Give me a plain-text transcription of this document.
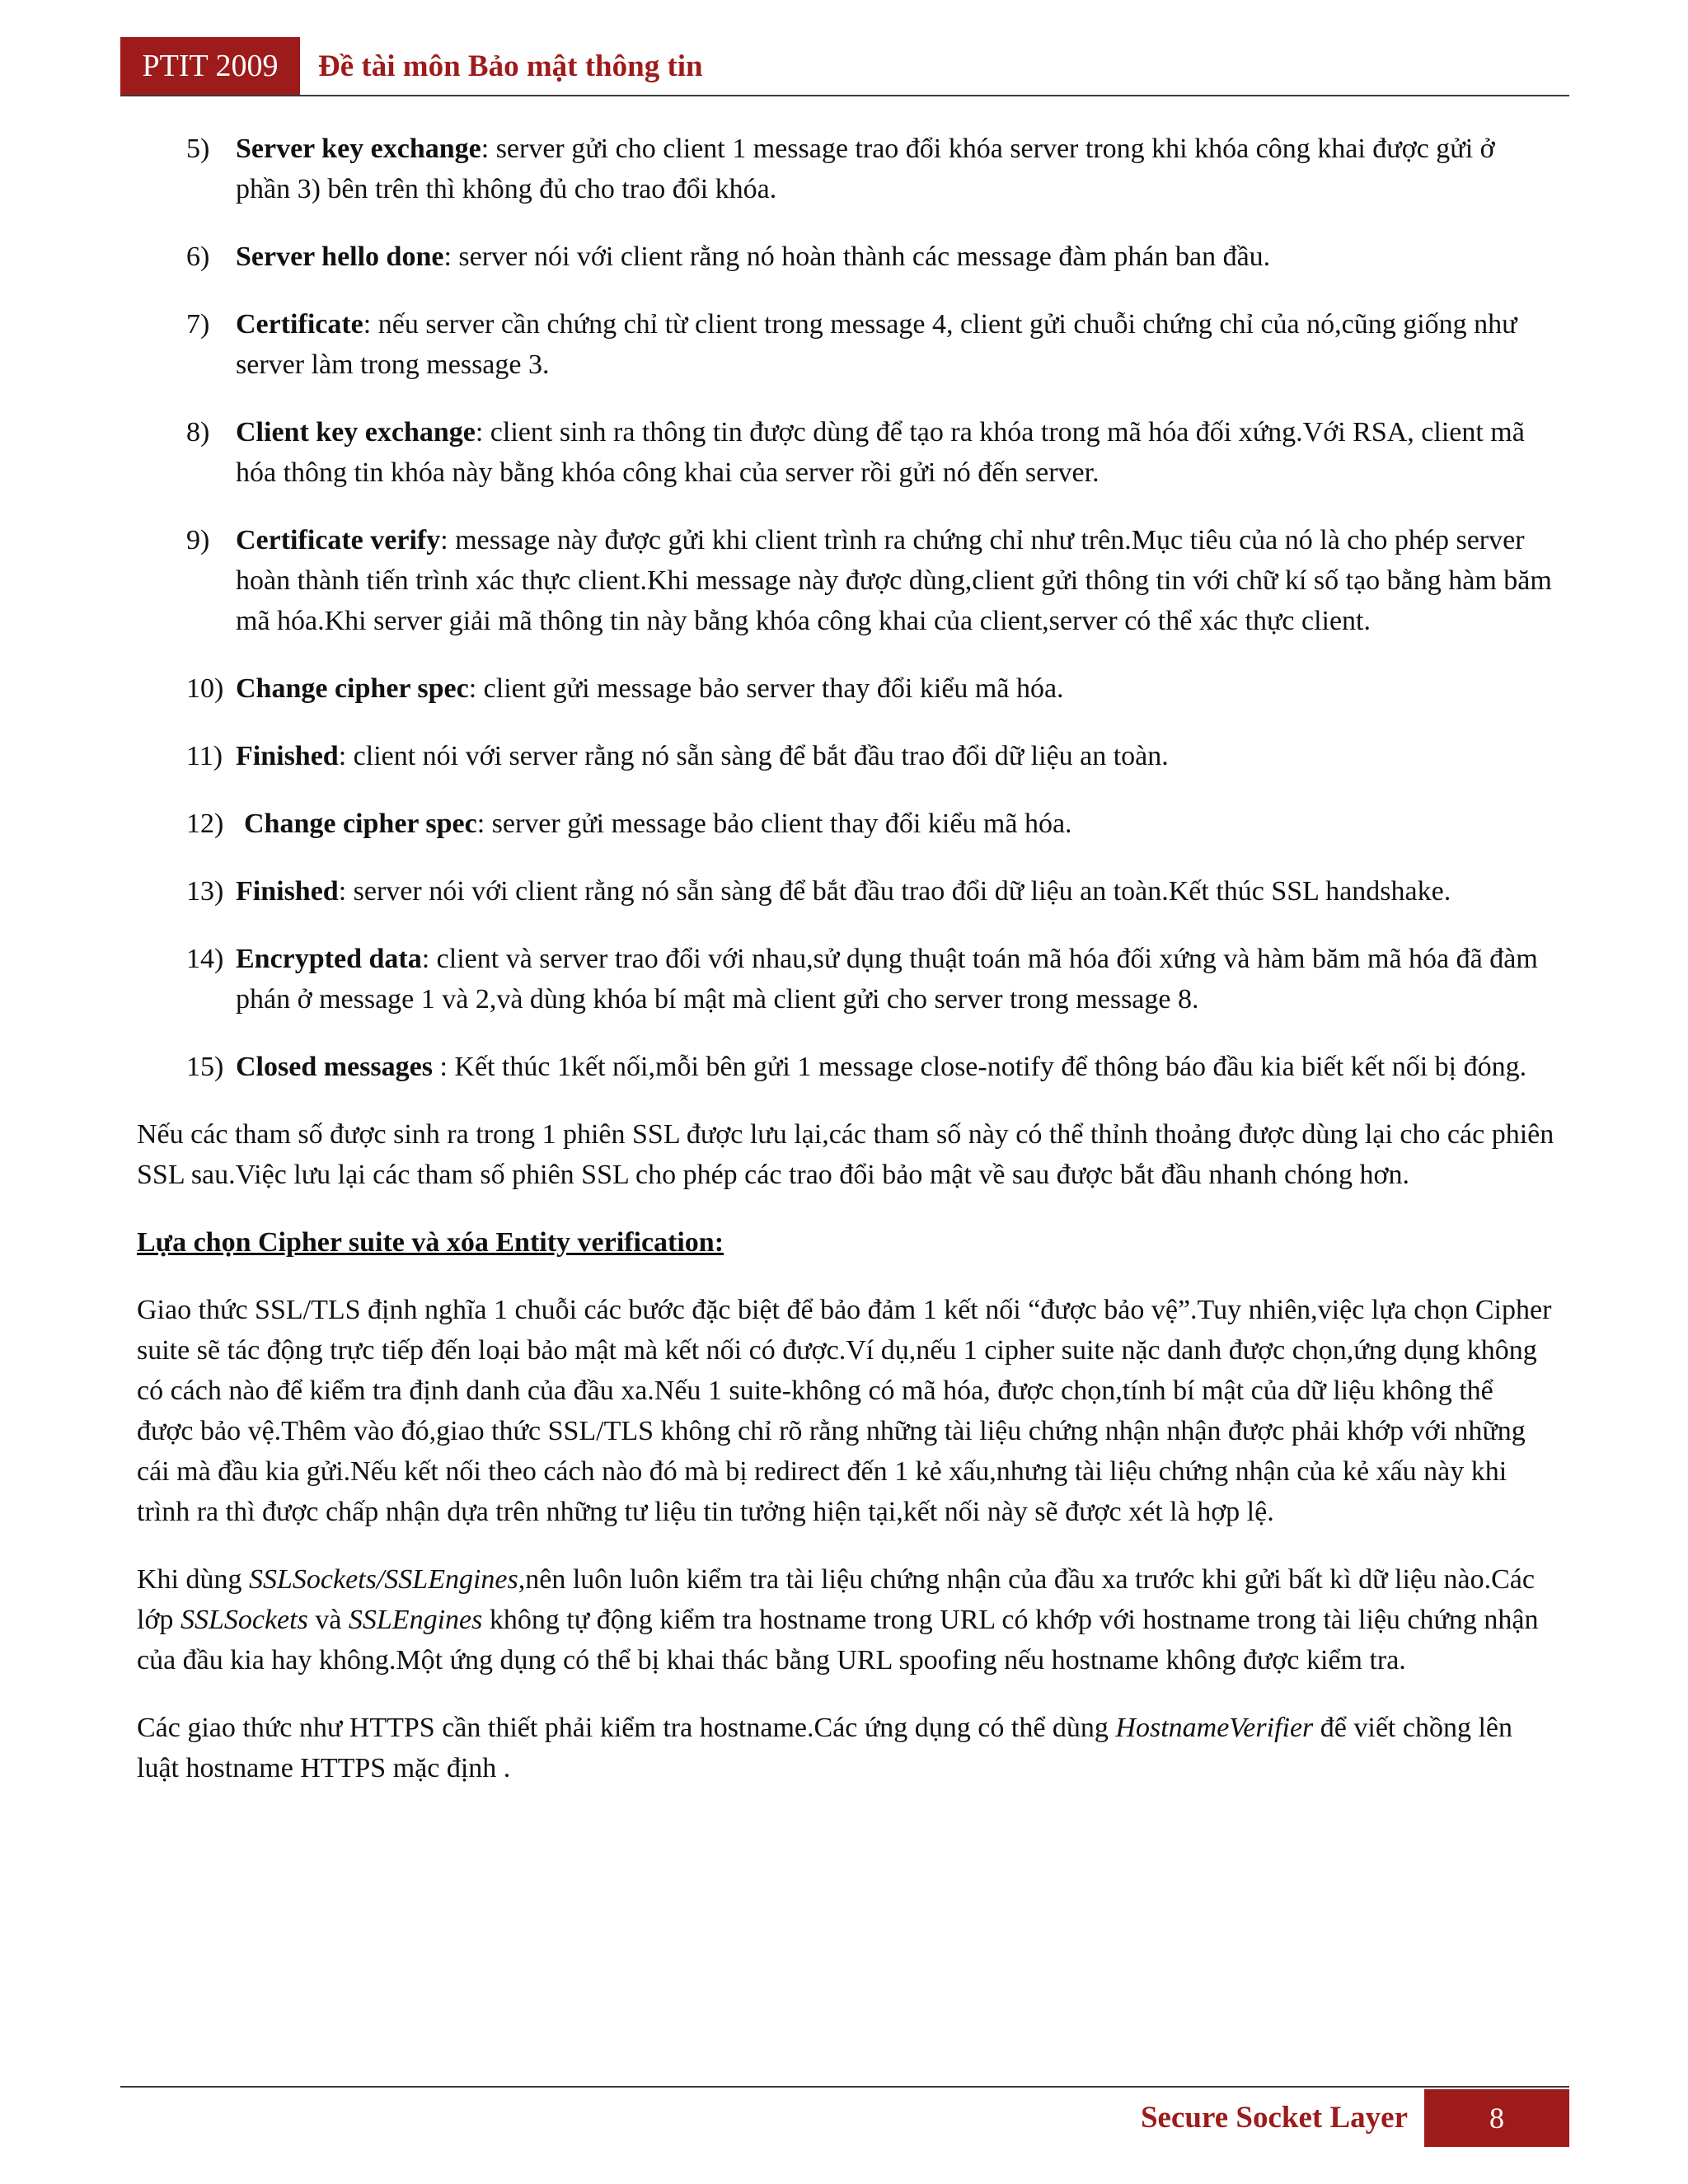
PTIT 2009	Đề tài môn Bảo mật thông tin
5) Server key exchange: server gửi cho client 1 message trao đổi khóa server trong khi khóa công khai được gửi ở phần 3) bên trên thì không đủ cho trao đổi khóa.
6) Server hello done: server nói với client rằng nó hoàn thành các message đàm phán ban đầu.
7) Certificate: nếu server cần chứng chỉ từ client trong message 4, client gửi chuỗi chứng chỉ của nó,cũng giống như server làm trong message 3.
8) Client key exchange: client sinh ra thông tin được dùng để tạo ra khóa trong mã hóa đối xứng.Với RSA, client mã hóa thông tin khóa này bằng khóa công khai của server rồi gửi nó đến server.
9) Certificate verify: message này được gửi khi client trình ra chứng chỉ như trên.Mục tiêu của nó là cho phép server hoàn thành tiến trình xác thực client.Khi message này được dùng,client gửi thông tin với chữ kí số tạo bằng hàm băm mã hóa.Khi server giải mã thông tin này bằng khóa công khai của client,server có thể xác thực client.
10) Change cipher spec: client gửi message bảo server thay đổi kiểu mã hóa.
11) Finished: client nói với server rằng nó sẵn sàng để bắt đầu trao đổi dữ liệu an toàn.
12) Change cipher spec: server gửi message bảo client thay đổi kiểu mã hóa.
13) Finished: server nói với client rằng nó sẵn sàng để bắt đầu trao đổi dữ liệu an toàn.Kết thúc SSL handshake.
14) Encrypted data: client và server trao đổi với nhau,sử dụng thuật toán mã hóa đối xứng và hàm băm mã hóa đã đàm phán ở message 1 và 2,và dùng khóa bí mật mà client gửi cho server trong message 8.
15) Closed messages : Kết thúc 1kết nối,mỗi bên gửi 1 message close-notify để thông báo đầu kia biết kết nối bị đóng.

Nếu các tham số được sinh ra trong 1 phiên SSL được lưu lại,các tham số này có thể thỉnh thoảng được dùng lại cho các phiên SSL sau.Việc lưu lại các tham số phiên SSL cho phép các trao đổi bảo mật về sau được bắt đầu nhanh chóng hơn.

Lựa chọn Cipher suite và xóa Entity verification:

Giao thức SSL/TLS định nghĩa 1 chuỗi các bước đặc biệt để bảo đảm 1 kết nối “được bảo vệ”.Tuy nhiên,việc lựa chọn Cipher suite sẽ tác động trực tiếp đến loại bảo mật mà kết nối có được.Ví dụ,nếu 1 cipher suite nặc danh được chọn,ứng dụng không có cách nào để kiểm tra định danh của đầu xa.Nếu 1 suite-không có mã hóa, được chọn,tính bí mật của dữ liệu không thể được bảo vệ.Thêm vào đó,giao thức SSL/TLS không chỉ rõ rằng những tài liệu chứng nhận nhận được phải khớp với những cái mà đầu kia gửi.Nếu kết nối theo cách nào đó mà bị redirect đến 1 kẻ xấu,nhưng tài liệu chứng nhận của kẻ xấu này khi trình ra thì được chấp nhận dựa trên những tư liệu tin tưởng hiện tại,kết nối này sẽ được xét là hợp lệ.

Khi dùng SSLSockets/SSLEngines,nên luôn luôn kiểm tra tài liệu chứng nhận của đầu xa trước khi gửi bất kì dữ liệu nào.Các lớp SSLSockets và SSLEngines không tự động kiểm tra hostname trong URL có khớp với hostname trong tài liệu chứng nhận của đầu kia hay không.Một ứng dụng có thể bị khai thác bằng URL spoofing nếu hostname không được kiểm tra.

Các giao thức như HTTPS cần thiết phải kiểm tra hostname.Các ứng dụng có thể dùng HostnameVerifier để viết chồng lên luật hostname HTTPS mặc định .

Secure Socket Layer	8
